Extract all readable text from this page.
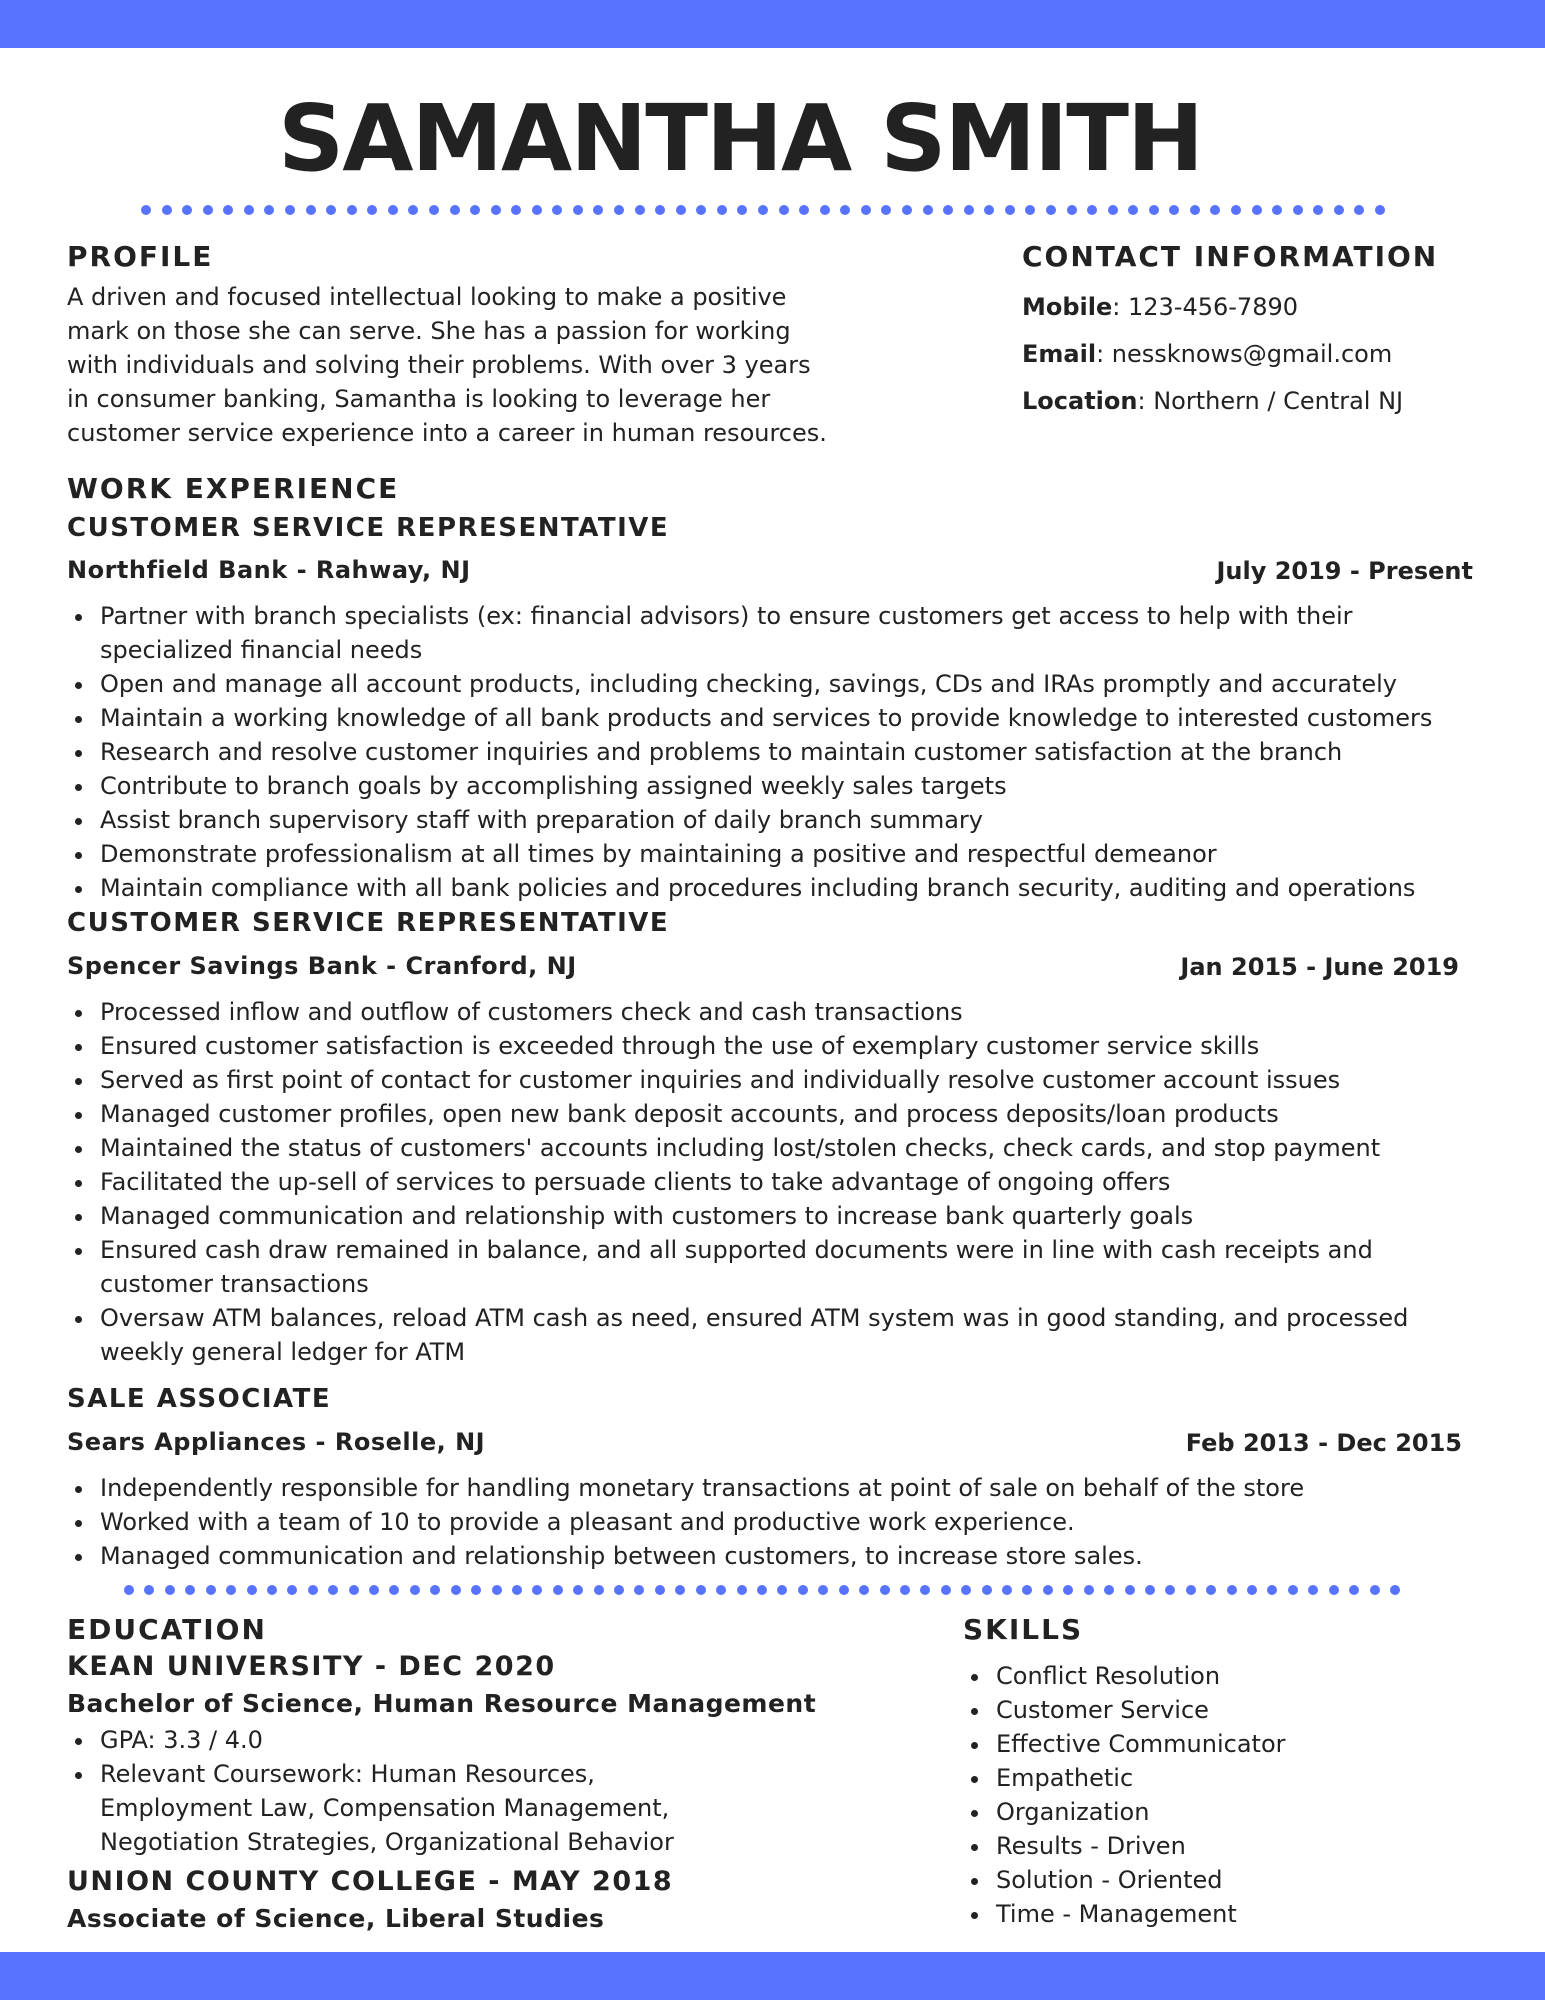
SAMANTHA SMITH
PROFILE
A driven and focused intellectual looking to make a positive
mark on those she can serve. She has a passion for working
with individuals and solving their problems. With over 3 years
in consumer banking, Samantha is looking to leverage her
customer service experience into a career in human resources.
CONTACT INFORMATION
Mobile: 123-456-7890
Email: nessknows@gmail.com
Location: Northern / Central NJ
WORK EXPERIENCE
CUSTOMER SERVICE REPRESENTATIVE
Northfield Bank - Rahway, NJ	July 2019 - Present
Partner with branch specialists (ex: financial advisors) to ensure customers get access to help with their
specialized financial needs
Open and manage all account products, including checking, savings, CDs and IRAs promptly and accurately
Maintain a working knowledge of all bank products and services to provide knowledge to interested customers
Research and resolve customer inquiries and problems to maintain customer satisfaction at the branch
Contribute to branch goals by accomplishing assigned weekly sales targets
Assist branch supervisory staff with preparation of daily branch summary
Demonstrate professionalism at all times by maintaining a positive and respectful demeanor
Maintain compliance with all bank policies and procedures including branch security, auditing and operations
CUSTOMER SERVICE REPRESENTATIVE
Spencer Savings Bank - Cranford, NJ	Jan 2015 - June 2019
Processed inflow and outflow of customers check and cash transactions
Ensured customer satisfaction is exceeded through the use of exemplary customer service skills
Served as first point of contact for customer inquiries and individually resolve customer account issues
Managed customer profiles, open new bank deposit accounts, and process deposits/loan products
Maintained the status of customers' accounts including lost/stolen checks, check cards, and stop payment
Facilitated the up-sell of services to persuade clients to take advantage of ongoing offers
Managed communication and relationship with customers to increase bank quarterly goals
Ensured cash draw remained in balance, and all supported documents were in line with cash receipts and
customer transactions
Oversaw ATM balances, reload ATM cash as need, ensured ATM system was in good standing, and processed
weekly general ledger for ATM
SALE ASSOCIATE
Sears Appliances - Roselle, NJ	Feb 2013 - Dec 2015
Independently responsible for handling monetary transactions at point of sale on behalf of the store
Worked with a team of 10 to provide a pleasant and productive work experience.
Managed communication and relationship between customers, to increase store sales.
EDUCATION
KEAN UNIVERSITY - DEC 2020
Bachelor of Science, Human Resource Management
GPA: 3.3 / 4.0
Relevant Coursework: Human Resources,
Employment Law, Compensation Management,
Negotiation Strategies, Organizational Behavior
UNION COUNTY COLLEGE - MAY 2018
Associate of Science, Liberal Studies
SKILLS
Conflict Resolution
Customer Service
Effective Communicator
Empathetic
Organization
Results - Driven
Solution - Oriented
Time - Management
